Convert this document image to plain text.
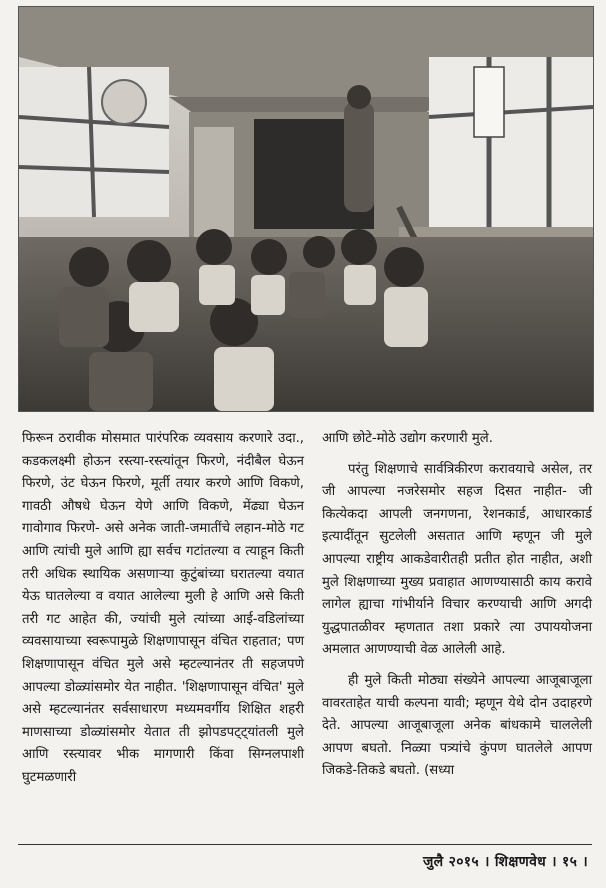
फिरून ठरावीक मोसमात पारंपरिक व्यवसाय करणारे उदा., कडकलक्ष्मी होऊन रस्त्या-रस्त्यांतून फिरणे, नंदीबैल घेऊन फिरणे, उंट घेऊन फिरणे, मूर्ती तयार करणे आणि विकणे, गावठी औषधे घेऊन येणे आणि विकणे, मेंढ्या घेऊन गावोगाव फिरणे- असे अनेक जाती-जमातींचे लहान-मोठे गट आणि त्यांची मुले आणि ह्या सर्वच गटांतल्या व त्याहून किती तरी अधिक स्थायिक असणाऱ्या कुटुंबांच्या घरातल्या वयात येऊ घातलेल्या व वयात आलेल्या मुली हे आणि असे किती तरी गट आहेत की, ज्यांची मुले त्यांच्या आई-वडिलांच्या व्यवसायाच्या स्वरूपामुळे शिक्षणापासून वंचित राहतात; पण शिक्षणापासून वंचित मुले असे म्हटल्यानंतर ती सहजपणे आपल्या डोळ्यांसमोर येत नाहीत. 'शिक्षणापासून वंचित' मुले असे म्हटल्यानंतर सर्वसाधारण मध्यमवर्गीय शिक्षित शहरी माणसाच्या डोळ्यांसमोर येतात ती झोपडपट्ट्यांतली मुले आणि रस्त्यावर भीक मागणारी किंवा सिग्नलपाशी घुटमळणारी

आणि छोटे-मोठे उद्योग करणारी मुले.

परंतु शिक्षणाचे सार्वत्रिकीरण करावयाचे असेल, तर जी आपल्या नजरेसमोर सहज दिसत नाहीत- जी कित्येकदा आपली जनगणना, रेशनकार्ड, आधारकार्ड इत्यादींतून सुटलेली असतात आणि म्हणून जी मुले आपल्या राष्ट्रीय आकडेवारीतही प्रतीत होत नाहीत, अशी मुले शिक्षणाच्या मुख्य प्रवाहात आणण्यासाठी काय करावे लागेल ह्याचा गांभीर्याने विचार करण्याची आणि अगदी युद्धपातळीवर म्हणतात तशा प्रकारे त्या उपाययोजना अमलात आणण्याची वेळ आलेली आहे.

ही मुले किती मोठ्या संख्येने आपल्या आजूबाजूला वावरताहेत याची कल्पना यावी; म्हणून येथे दोन उदाहरणे देते. आपल्या आजूबाजूला अनेक बांधकामे चाललेली आपण बघतो. निळ्या पत्र्यांचे कुंपण घातलेले आपण जिकडे-तिकडे बघतो. (सध्या

जुलै २०१५ । शिक्षणवेध । १५ ।
